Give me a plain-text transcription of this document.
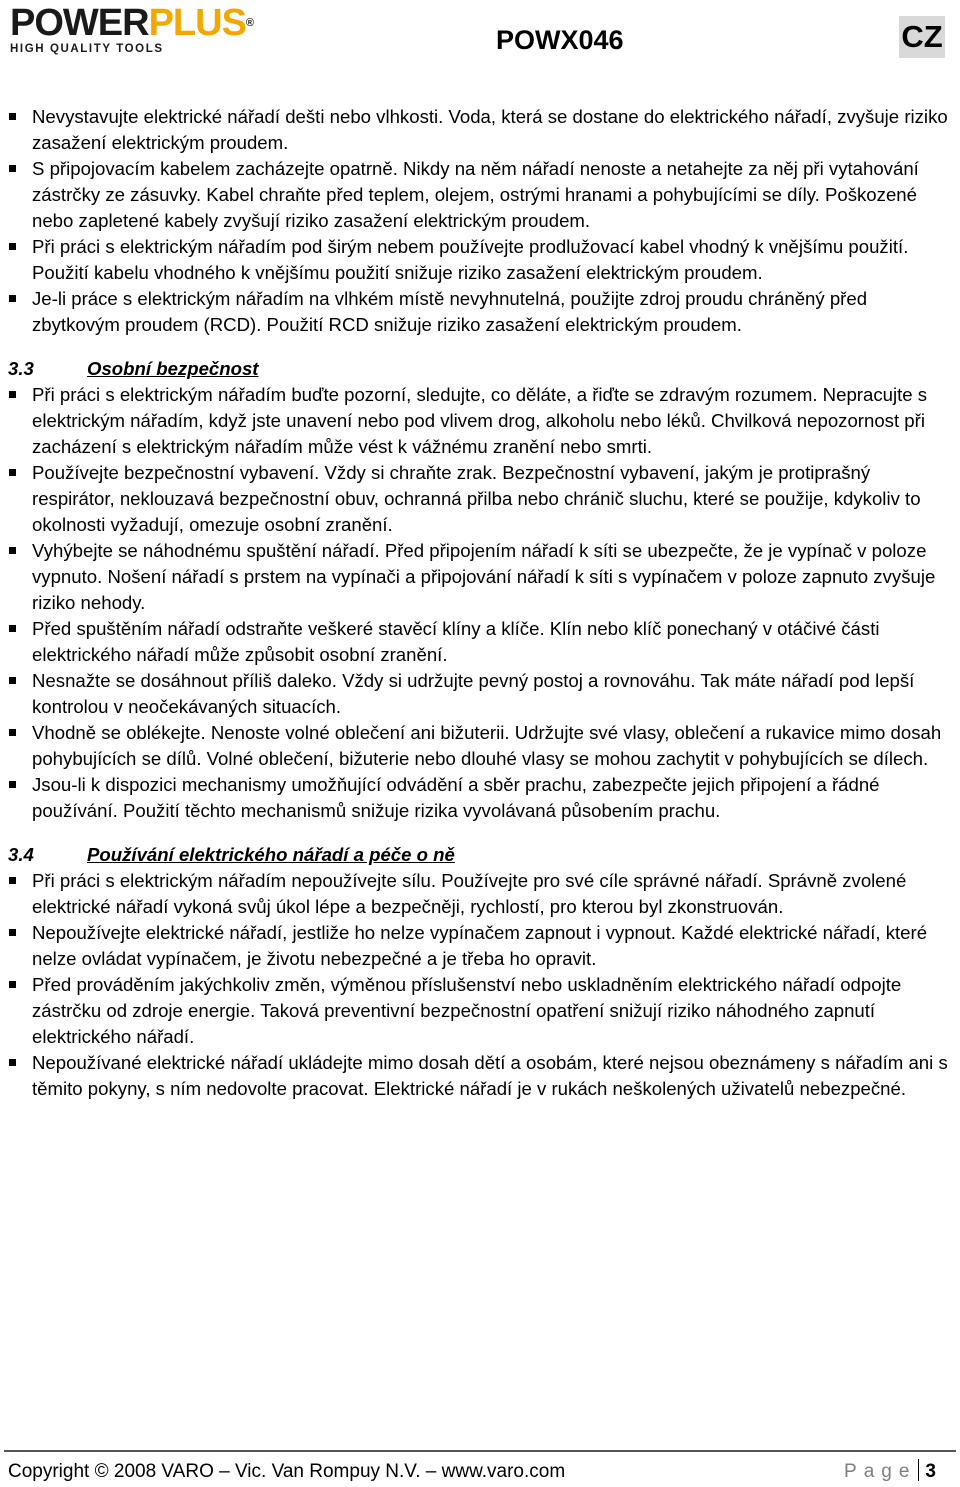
POWERPLUS®
HIGH QUALITY TOOLS	POWX046	CZ
Nevystavujte elektrické nářadí dešti nebo vlhkosti. Voda, která se dostane do elektrického nářadí, zvyšuje riziko zasažení elektrickým proudem.
S připojovacím kabelem zacházejte opatrně. Nikdy na něm nářadí nenoste a netahejte za něj při vytahování zástrčky ze zásuvky. Kabel chraňte před teplem, olejem, ostrými hranami a pohybujícími se díly. Poškozené nebo zapletené kabely zvyšují riziko zasažení elektrickým proudem.
Při práci s elektrickým nářadím pod širým nebem používejte prodlužovací kabel vhodný k vnějšímu použití. Použití kabelu vhodného k vnějšímu použití snižuje riziko zasažení elektrickým proudem.
Je-li práce s elektrickým nářadím na vlhkém místě nevyhnutelná, použijte zdroj proudu chráněný před zbytkovým proudem (RCD). Použití RCD snižuje riziko zasažení elektrickým proudem.
3.3	Osobní bezpečnost
Při práci s elektrickým nářadím buďte pozorní, sledujte, co děláte, a řiďte se zdravým rozumem. Nepracujte s elektrickým nářadím, když jste unavení nebo pod vlivem drog, alkoholu nebo léků. Chvilková nepozornost při zacházení s elektrickým nářadím může vést k vážnému zranění nebo smrti.
Používejte bezpečnostní vybavení. Vždy si chraňte zrak. Bezpečnostní vybavení, jakým je protiprašný respirátor, neklouzavá bezpečnostní obuv, ochranná přilba nebo chránič sluchu, které se použije, kdykoliv to okolnosti vyžadují, omezuje osobní zranění.
Vyhýbejte se náhodnému spuštění nářadí. Před připojením nářadí k síti se ubezpečte, že je vypínač v poloze vypnuto. Nošení nářadí s prstem na vypínači a připojování nářadí k síti s vypínačem v poloze zapnuto zvyšuje riziko nehody.
Před spuštěním nářadí odstraňte veškeré stavěcí klíny a klíče. Klín nebo klíč ponechaný v otáčivé části elektrického nářadí může způsobit osobní zranění.
Nesnažte se dosáhnout příliš daleko. Vždy si udržujte pevný postoj a rovnováhu. Tak máte nářadí pod lepší kontrolou v neočekávaných situacích.
Vhodně se oblékejte. Nenoste volné oblečení ani bižuterii. Udržujte své vlasy, oblečení a rukavice mimo dosah pohybujících se dílů. Volné oblečení, bižuterie nebo dlouhé vlasy se mohou zachytit v pohybujících se dílech.
Jsou-li k dispozici mechanismy umožňující odvádění a sběr prachu, zabezpečte jejich připojení a řádné používání. Použití těchto mechanismů snižuje rizika vyvolávaná působením prachu.
3.4	Používání elektrického nářadí a péče o ně
Při práci s elektrickým nářadím nepoužívejte sílu. Používejte pro své cíle správné nářadí. Správně zvolené elektrické nářadí vykoná svůj úkol lépe a bezpečněji, rychlostí, pro kterou byl zkonstruován.
Nepoužívejte elektrické nářadí, jestliže ho nelze vypínačem zapnout i vypnout. Každé elektrické nářadí, které nelze ovládat vypínačem, je životu nebezpečné a je třeba ho opravit.
Před prováděním jakýchkoliv změn, výměnou příslušenství nebo uskladněním elektrického nářadí odpojte zástrčku od zdroje energie. Taková preventivní bezpečnostní opatření snižují riziko náhodného zapnutí elektrického nářadí.
Nepoužívané elektrické nářadí ukládejte mimo dosah dětí a osobám, které nejsou obeznámeny s nářadím ani s těmito pokyny, s ním nedovolte pracovat. Elektrické nářadí je v rukách neškolených uživatelů nebezpečné.
Copyright © 2008 VARO – Vic. Van Rompuy N.V. – www.varo.com	Page 3
